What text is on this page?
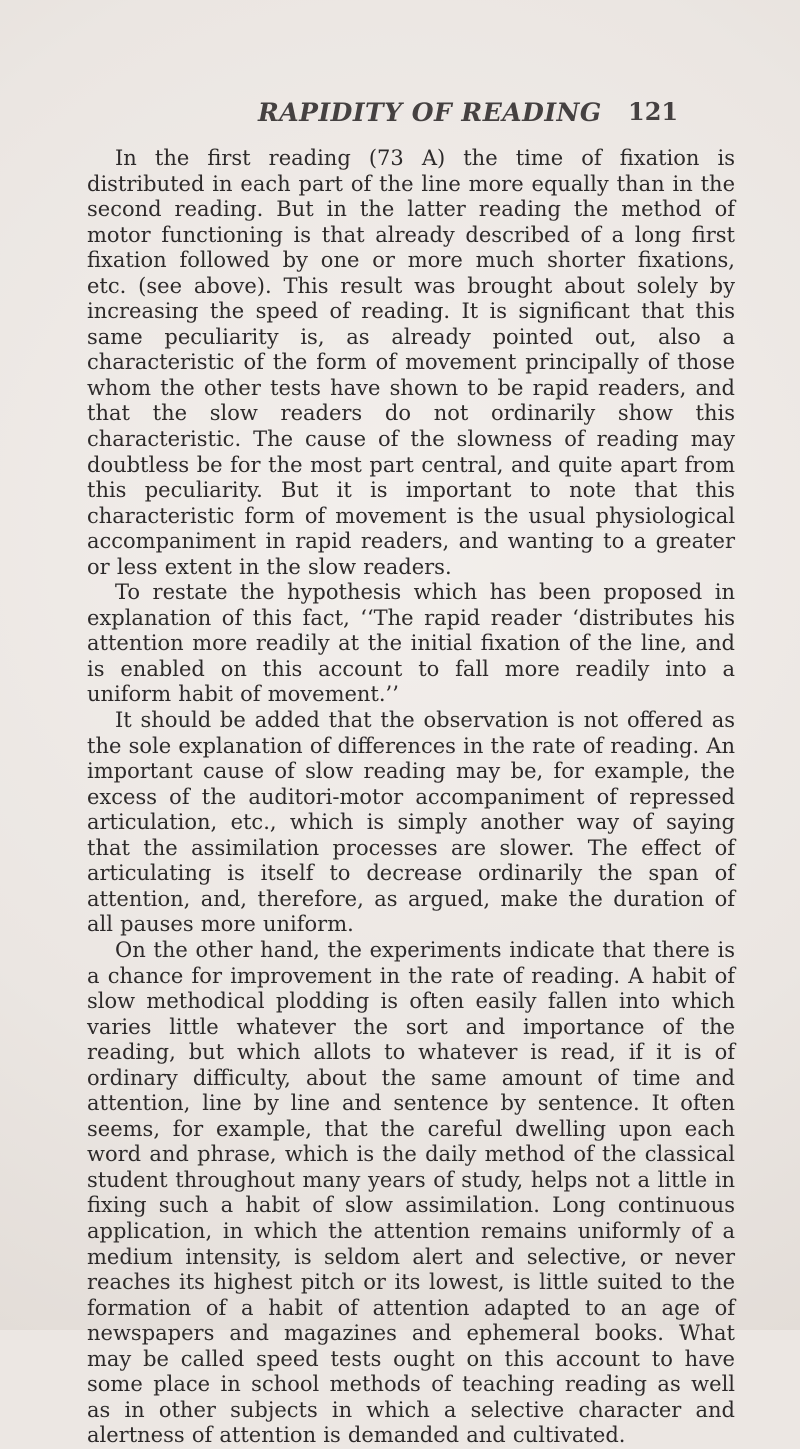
RAPIDITY OF READING 121

In the first reading (73 A) the time of fixation is distributed in each part of the line more equally than in the second reading. But in the latter reading the method of motor functioning is that already described of a long first fixation followed by one or more much shorter fixations, etc. (see above). This result was brought about solely by increasing the speed of reading. It is significant that this same peculiarity is, as already pointed out, also a characteristic of the form of movement principally of those whom the other tests have shown to be rapid readers, and that the slow readers do not ordinarily show this characteristic. The cause of the slowness of reading may doubtless be for the most part central, and quite apart from this peculiarity. But it is important to note that this characteristic form of movement is the usual physiological accompaniment in rapid readers, and wanting to a greater or less extent in the slow readers.

To restate the hypothesis which has been proposed in explanation of this fact, ‘‘The rapid reader ‘distributes his attention more readily at the initial fixation of the line, and is enabled on this account to fall more readily into a uniform habit of movement.’’

It should be added that the observation is not offered as the sole explanation of differences in the rate of reading. An important cause of slow reading may be, for example, the excess of the auditori-motor accompaniment of repressed articulation, etc., which is simply another way of saying that the assimilation processes are slower. The effect of articulating is itself to decrease ordinarily the span of attention, and, therefore, as argued, make the duration of all pauses more uniform.

On the other hand, the experiments indicate that there is a chance for improvement in the rate of reading. A habit of slow methodical plodding is often easily fallen into which varies little whatever the sort and importance of the reading, but which allots to whatever is read, if it is of ordinary difficulty, about the same amount of time and attention, line by line and sentence by sentence. It often seems, for example, that the careful dwelling upon each word and phrase, which is the daily method of the classical student throughout many years of study, helps not a little in fixing such a habit of slow assimilation. Long continuous application, in which the attention remains uniformly of a medium intensity, is seldom alert and selective, or never reaches its highest pitch or its lowest, is little suited to the formation of a habit of attention adapted to an age of newspapers and magazines and ephemeral books. What may be called speed tests ought on this account to have some place in school methods of teaching reading as well as in other subjects in which a selective character and alertness of attention is demanded and cultivated.
